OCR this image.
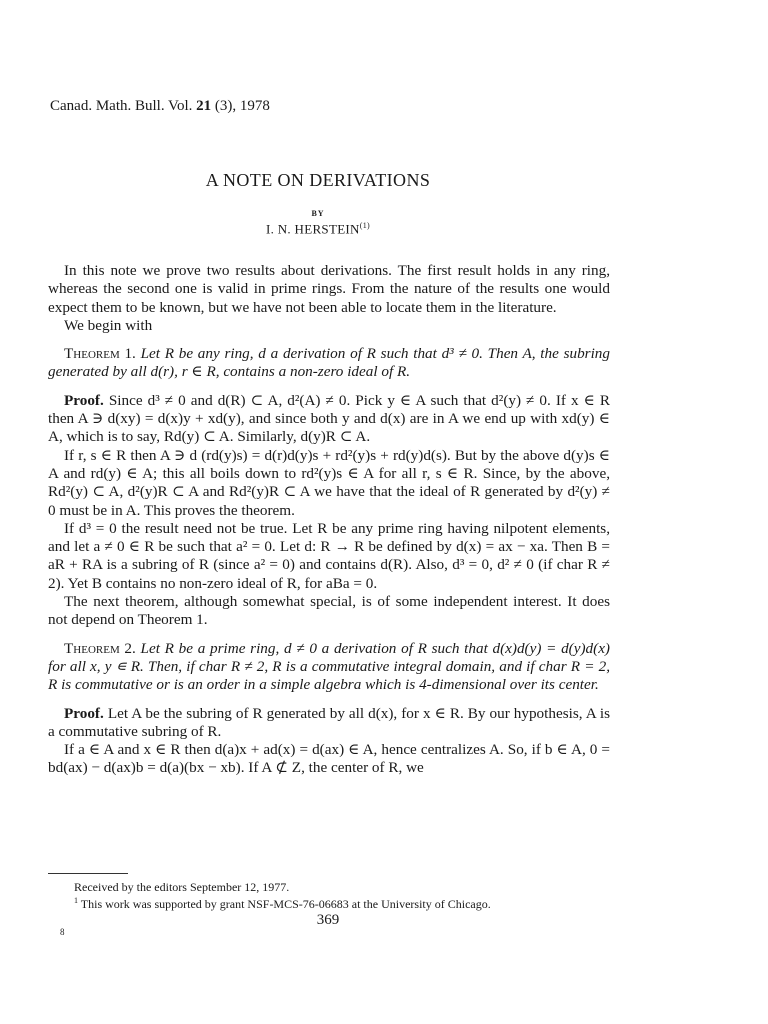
Canad. Math. Bull. Vol. 21 (3), 1978
A NOTE ON DERIVATIONS
BY
I. N. HERSTEIN$^{(1)}$

In this note we prove two results about derivations. The first result holds in any ring, whereas the second one is valid in prime rings. From the nature of the results one would expect them to be known, but we have not been able to locate them in the literature.

We begin with

Theorem 1. Let R be any ring, d a derivation of R such that d³ ≠ 0. Then A, the subring generated by all d(r), r ∈ R, contains a non-zero ideal of R.

Proof. Since d³ ≠ 0 and d(R) ⊂ A, d²(A) ≠ 0. Pick y ∈ A such that d²(y) ≠ 0. If x ∈ R then A ∋ d(xy) = d(x)y + xd(y), and since both y and d(x) are in A we end up with xd(y) ∈ A, which is to say, Rd(y) ⊂ A. Similarly, d(y)R ⊂ A.

If r, s ∈ R then A ∋ d (rd(y)s) = d(r)d(y)s + rd²(y)s + rd(y)d(s). But by the above d(y)s ∈ A and rd(y) ∈ A; this all boils down to rd²(y)s ∈ A for all r, s ∈ R. Since, by the above, Rd²(y) ⊂ A, d²(y)R ⊂ A and Rd²(y)R ⊂ A we have that the ideal of R generated by d²(y) ≠ 0 must be in A. This proves the theorem.

If d³ = 0 the result need not be true. Let R be any prime ring having nilpotent elements, and let a ≠ 0 ∈ R be such that a² = 0. Let d: R → R be defined by d(x) = ax − xa. Then B = aR + RA is a subring of R (since a² = 0) and contains d(R). Also, d³ = 0, d² ≠ 0 (if char R ≠ 2). Yet B contains no non-zero ideal of R, for aBa = 0.

The next theorem, although somewhat special, is of some independent interest. It does not depend on Theorem 1.

Theorem 2. Let R be a prime ring, d ≠ 0 a derivation of R such that d(x)d(y) = d(y)d(x) for all x, y ∊ R. Then, if char R ≠ 2, R is a commutative integral domain, and if char R = 2, R is commutative or is an order in a simple algebra which is 4-dimensional over its center.

Proof. Let A be the subring of R generated by all d(x), for x ∈ R. By our hypothesis, A is a commutative subring of R.

If a ∈ A and x ∈ R then d(a)x + ad(x) = d(ax) ∈ A, hence centralizes A. So, if b ∈ A, 0 = bd(ax) − d(ax)b = d(a)(bx − xb). If A ⊄ Z, the center of R, we

Received by the editors September 12, 1977.
$^1$ This work was supported by grant NSF-MCS-76-06683 at the University of Chicago.
369
8
